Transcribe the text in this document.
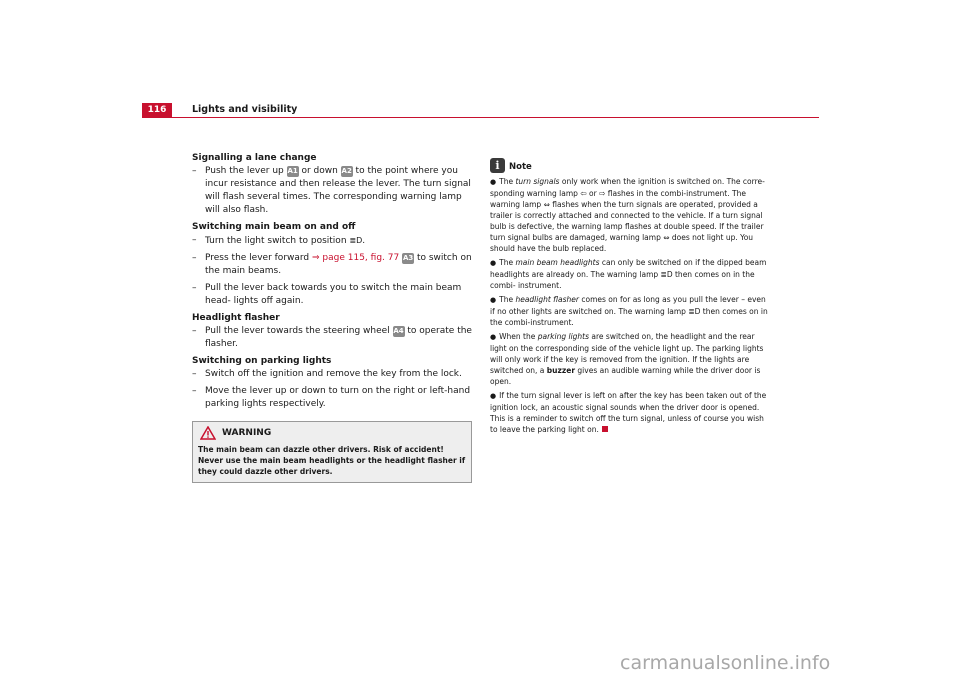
116	Lights and visibility

Signalling a lane change

– Push the lever up A1 or down A2 to the point where you incur resistance and then release the lever. The turn signal will flash several times. The corresponding warning lamp will also flash.

Switching main beam on and off

– Turn the light switch to position ≣D.

– Press the lever forward ⇒ page 115, fig. 77 A3 to switch on the main beams.

– Pull the lever back towards you to switch the main beam head- lights off again.

Headlight flasher

– Pull the lever towards the steering wheel A4 to operate the flasher.

Switching on parking lights

– Switch off the ignition and remove the key from the lock.

– Move the lever up or down to turn on the right or left-hand parking lights respectively.

WARNING

The main beam can dazzle other drivers. Risk of accident! Never use the main beam headlights or the headlight flasher if they could dazzle other drivers.

i	Note

● The turn signals only work when the ignition is switched on. The corre- sponding warning lamp ⇦ or ⇨ flashes in the combi-instrument. The warning lamp ⇔ flashes when the turn signals are operated, provided a trailer is correctly attached and connected to the vehicle. If a turn signal bulb is defective, the warning lamp flashes at double speed. If the trailer turn signal bulbs are damaged, warning lamp ⇔ does not light up. You should have the bulb replaced.

● The main beam headlights can only be switched on if the dipped beam headlights are already on. The warning lamp ≣D then comes on in the combi- instrument.

● The headlight flasher comes on for as long as you pull the lever – even if no other lights are switched on. The warning lamp ≣D then comes on in the combi-instrument.

● When the parking lights are switched on, the headlight and the rear light on the corresponding side of the vehicle light up. The parking lights will only work if the key is removed from the ignition. If the lights are switched on, a buzzer gives an audible warning while the driver door is open.

● If the turn signal lever is left on after the key has been taken out of the ignition lock, an acoustic signal sounds when the driver door is opened. This is a reminder to switch off the turn signal, unless of course you wish to leave the parking light on.

carmanualsonline.info
